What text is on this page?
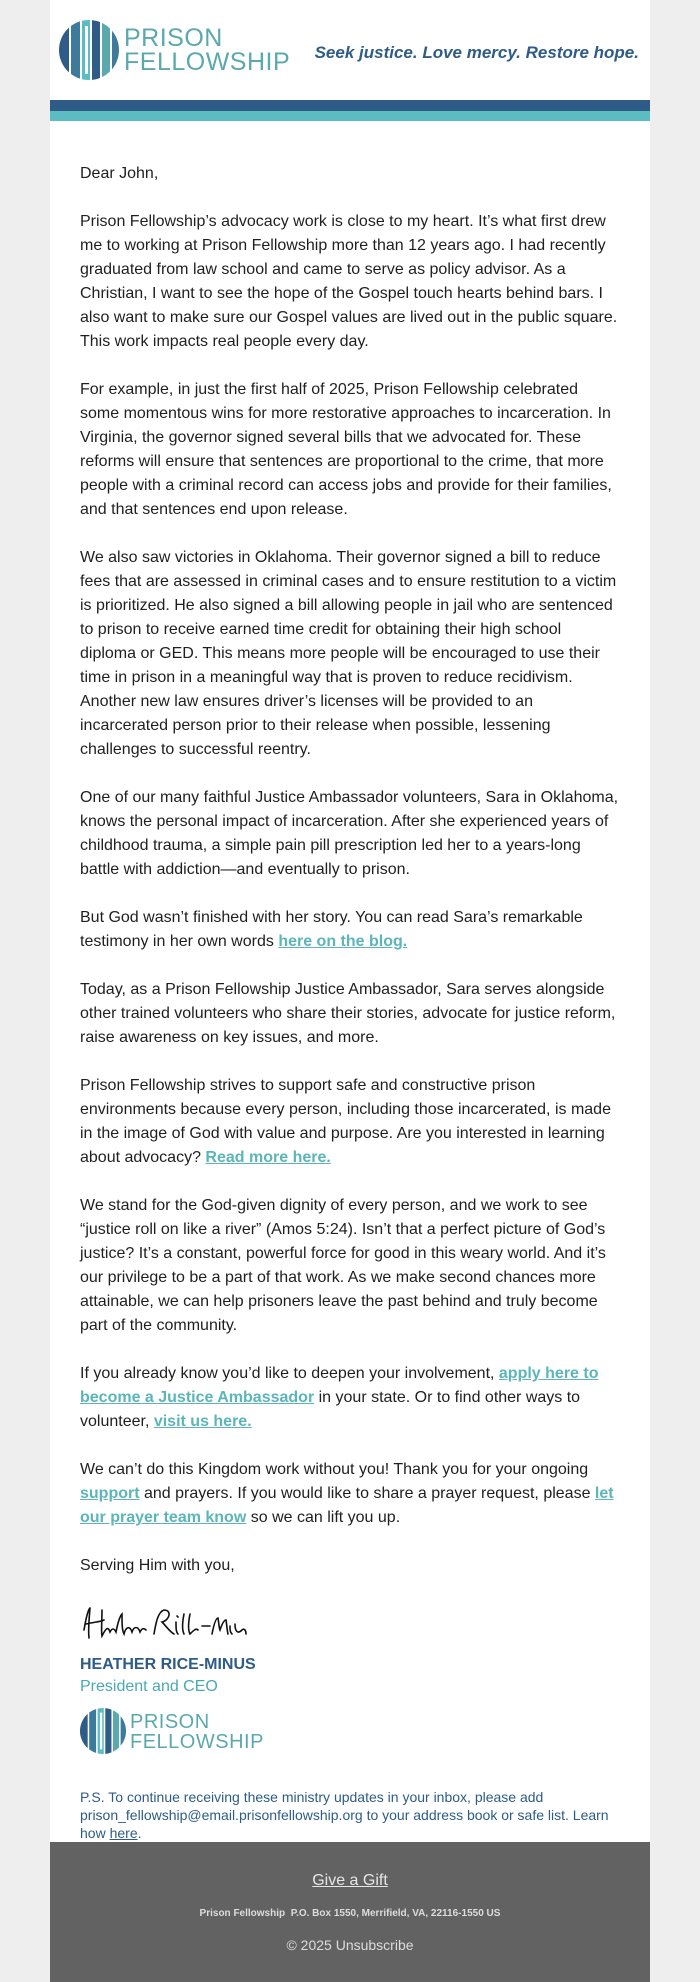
PRISON
FELLOWSHIP Seek justice. Love mercy. Restore hope.

Dear John,

Prison Fellowship’s advocacy work is close to my heart. It’s what first drew me to working at Prison Fellowship more than 12 years ago. I had recently graduated from law school and came to serve as policy advisor. As a Christian, I want to see the hope of the Gospel touch hearts behind bars. I also want to make sure our Gospel values are lived out in the public square. This work impacts real people every day.

For example, in just the first half of 2025, Prison Fellowship celebrated some momentous wins for more restorative approaches to incarceration. In Virginia, the governor signed several bills that we advocated for. These reforms will ensure that sentences are proportional to the crime, that more people with a criminal record can access jobs and provide for their families, and that sentences end upon release.

We also saw victories in Oklahoma. Their governor signed a bill to reduce fees that are assessed in criminal cases and to ensure restitution to a victim is prioritized. He also signed a bill allowing people in jail who are sentenced to prison to receive earned time credit for obtaining their high school diploma or GED. This means more people will be encouraged to use their time in prison in a meaningful way that is proven to reduce recidivism. Another new law ensures driver’s licenses will be provided to an incarcerated person prior to their release when possible, lessening challenges to successful reentry.

One of our many faithful Justice Ambassador volunteers, Sara in Oklahoma, knows the personal impact of incarceration. After she experienced years of childhood trauma, a simple pain pill prescription led her to a years-long battle with addiction—and eventually to prison.

But God wasn’t finished with her story. You can read Sara’s remarkable testimony in her own words here on the blog.

Today, as a Prison Fellowship Justice Ambassador, Sara serves alongside other trained volunteers who share their stories, advocate for justice reform, raise awareness on key issues, and more.

Prison Fellowship strives to support safe and constructive prison environments because every person, including those incarcerated, is made in the image of God with value and purpose. Are you interested in learning about advocacy? Read more here.

We stand for the God-given dignity of every person, and we work to see “justice roll on like a river” (Amos 5:24). Isn’t that a perfect picture of God’s justice? It’s a constant, powerful force for good in this weary world. And it’s our privilege to be a part of that work. As we make second chances more attainable, we can help prisoners leave the past behind and truly become part of the community.

If you already know you’d like to deepen your involvement, apply here to become a Justice Ambassador in your state. Or to find other ways to volunteer, visit us here.

We can’t do this Kingdom work without you! Thank you for your ongoing support and prayers. If you would like to share a prayer request, please let our prayer team know so we can lift you up.

Serving Him with you,

HEATHER RICE-MINUS
President and CEO
PRISON
FELLOWSHIP
P.S. To continue receiving these ministry updates in your inbox, please add prison_fellowship@email.prisonfellowship.org to your address book or safe list. Learn how here.
Give a Gift
Prison Fellowship P.O. Box 1550, Merrifield, VA, 22116-1550 US
© 2025 Unsubscribe
